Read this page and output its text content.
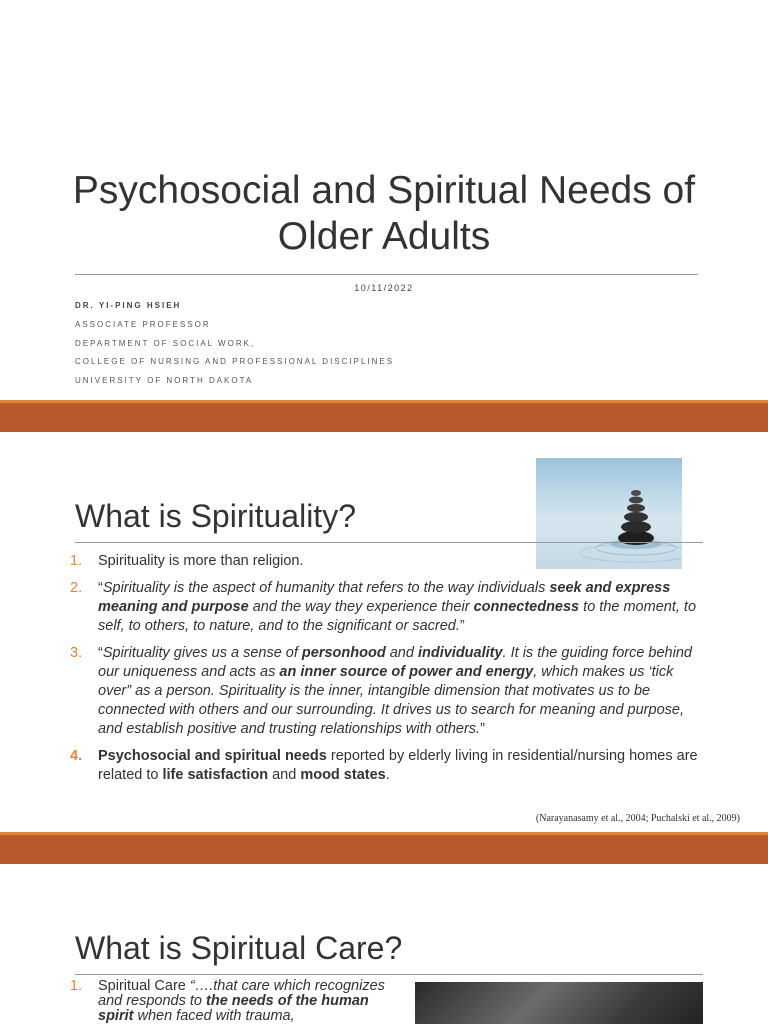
Psychosocial and Spiritual Needs of Older Adults
10/11/2022
DR. YI-PING HSIEH
ASSOCIATE PROFESSOR
DEPARTMENT OF SOCIAL WORK,
COLLEGE OF NURSING AND PROFESSIONAL DISCIPLINES
UNIVERSITY OF NORTH DAKOTA
What is Spirituality?
1. Spirituality is more than religion.
2. “Spirituality is the aspect of humanity that refers to the way individuals seek and express meaning and purpose and the way they experience their connectedness to the moment, to self, to others, to nature, and to the significant or sacred.”
3. “Spirituality gives us a sense of personhood and individuality. It is the guiding force behind our uniqueness and acts as an inner source of power and energy, which makes us ‘tick over” as a person. Spirituality is the inner, intangible dimension that motivates us to be connected with others and our surrounding. It drives us to search for meaning and purpose, and establish positive and trusting relationships with others.”
4. Psychosocial and spiritual needs reported by elderly living in residential/nursing homes are related to life satisfaction and mood states.
(Narayanasamy et al., 2004; Puchalski et al., 2009)
What is Spiritual Care?
1. Spiritual Care “….that care which recognizes and responds to the needs of the human spirit when faced with trauma,
